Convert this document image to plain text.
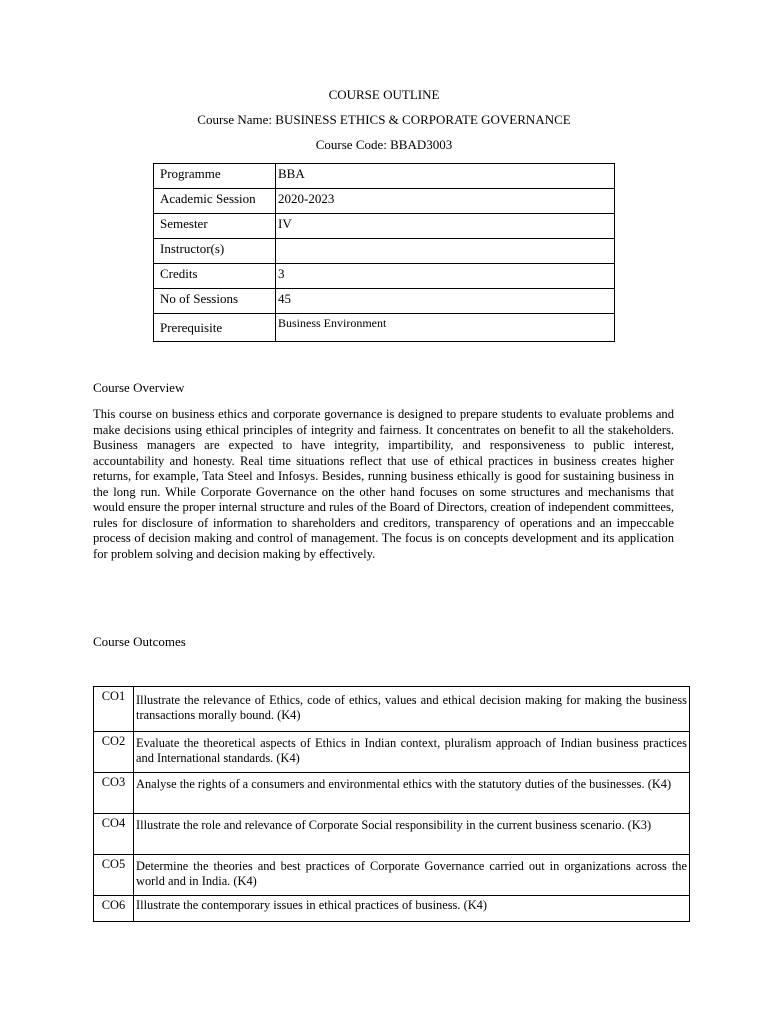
COURSE OUTLINE
Course Name: BUSINESS ETHICS & CORPORATE GOVERNANCE
Course Code: BBAD3003
Programme	BBA
Academic Session	2020-2023
Semester	IV
Instructor(s)	
Credits	3
No of Sessions	45
Prerequisite	Business Environment
Course Overview

This course on business ethics and corporate governance is designed to prepare students to evaluate problems and make decisions using ethical principles of integrity and fairness. It concentrates on benefit to all the stakeholders. Business managers are expected to have integrity, impartibility, and responsiveness to public interest, accountability and honesty. Real time situations reflect that use of ethical practices in business creates higher returns, for example, Tata Steel and Infosys. Besides, running business ethically is good for sustaining business in the long run. While Corporate Governance on the other hand focuses on some structures and mechanisms that would ensure the proper internal structure and rules of the Board of Directors, creation of independent committees, rules for disclosure of information to shareholders and creditors, transparency of operations and an impeccable process of decision making and control of management. The focus is on concepts development and its application for problem solving and decision making by effectively.

Course Outcomes
CO1	Illustrate the relevance of Ethics, code of ethics, values and ethical decision making for making the business transactions morally bound. (K4)
CO2	Evaluate the theoretical aspects of Ethics in Indian context, pluralism approach of Indian business practices and International standards. (K4)
CO3	Analyse the rights of a consumers and environmental ethics with the statutory duties of the businesses. (K4)
CO4	Illustrate the role and relevance of Corporate Social responsibility in the current business scenario. (K3)
CO5	Determine the theories and best practices of Corporate Governance carried out in organizations across the world and in India. (K4)
CO6	Illustrate the contemporary issues in ethical practices of business. (K4)
